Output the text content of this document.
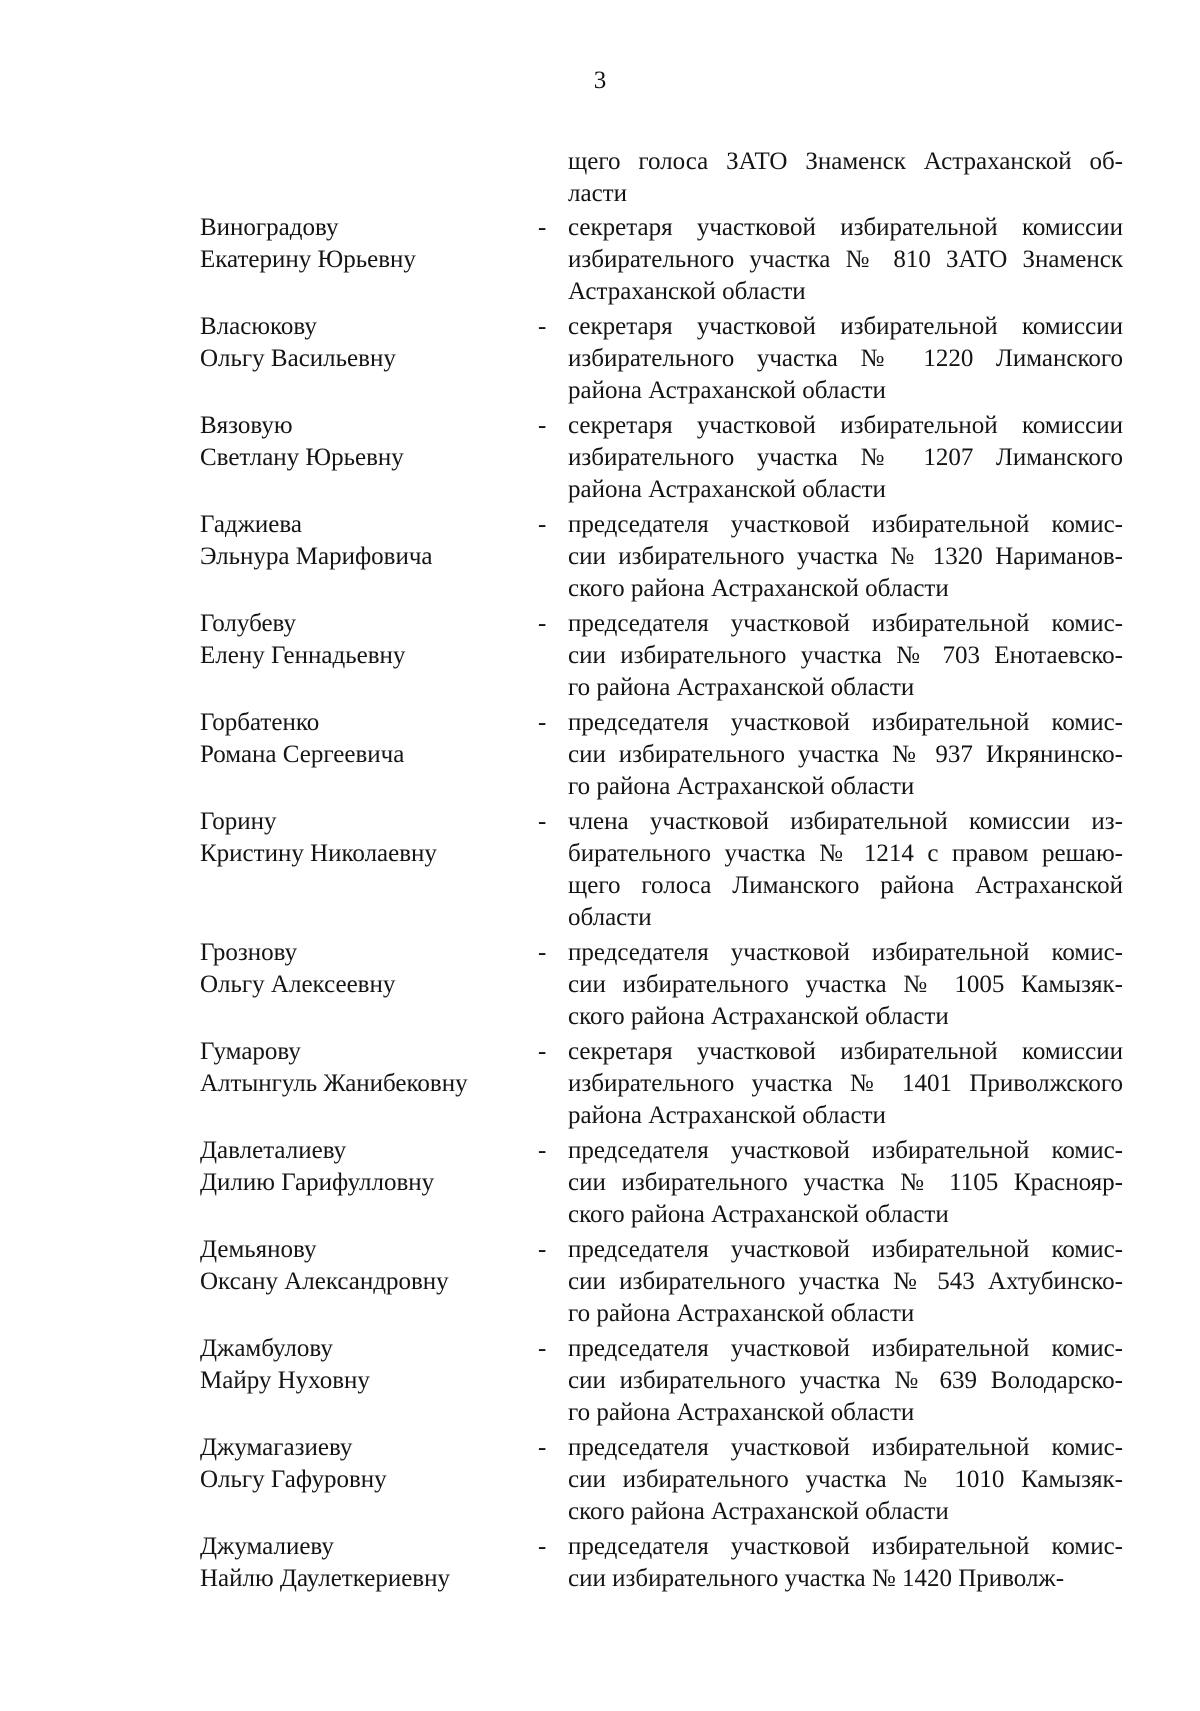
3
щего голоса ЗАТО Знаменск Астраханской об-
ласти
Виноградову
Екатерину Юрьевну
- секретаря участковой избирательной комиссии
избирательного участка № 810 ЗАТО Знаменск
Астраханской области
Власюкову
Ольгу Васильевну
- секретаря участковой избирательной комиссии
избирательного участка № 1220 Лиманского
района Астраханской области
Вязовую
Светлану Юрьевну
- секретаря участковой избирательной комиссии
избирательного участка № 1207 Лиманского
района Астраханской области
Гаджиева
Эльнура Марифовича
- председателя участковой избирательной комис-
сии избирательного участка № 1320 Нариманов-
ского района Астраханской области
Голубеву
Елену Геннадьевну
- председателя участковой избирательной комис-
сии избирательного участка № 703 Енотаевско-
го района Астраханской области
Горбатенко
Романа Сергеевича
- председателя участковой избирательной комис-
сии избирательного участка № 937 Икрянинско-
го района Астраханской области
Горину
Кристину Николаевну
- члена участковой избирательной комиссии из-
бирательного участка № 1214 с правом решаю-
щего голоса Лиманского района Астраханской
области
Грознову
Ольгу Алексеевну
- председателя участковой избирательной комис-
сии избирательного участка № 1005 Камызяк-
ского района Астраханской области
Гумарову
Алтынгуль Жанибековну
- секретаря участковой избирательной комиссии
избирательного участка № 1401 Приволжского
района Астраханской области
Давлеталиеву
Дилию Гарифулловну
- председателя участковой избирательной комис-
сии избирательного участка № 1105 Краснояр-
ского района Астраханской области
Демьянову
Оксану Александровну
- председателя участковой избирательной комис-
сии избирательного участка № 543 Ахтубинско-
го района Астраханской области
Джамбулову
Майру Нуховну
- председателя участковой избирательной комис-
сии избирательного участка № 639 Володарско-
го района Астраханской области
Джумагазиеву
Ольгу Гафуровну
- председателя участковой избирательной комис-
сии избирательного участка № 1010 Камызяк-
ского района Астраханской области
Джумалиеву
Найлю Даулеткериевну
- председателя участковой избирательной комис-
сии избирательного участка № 1420 Приволж-
